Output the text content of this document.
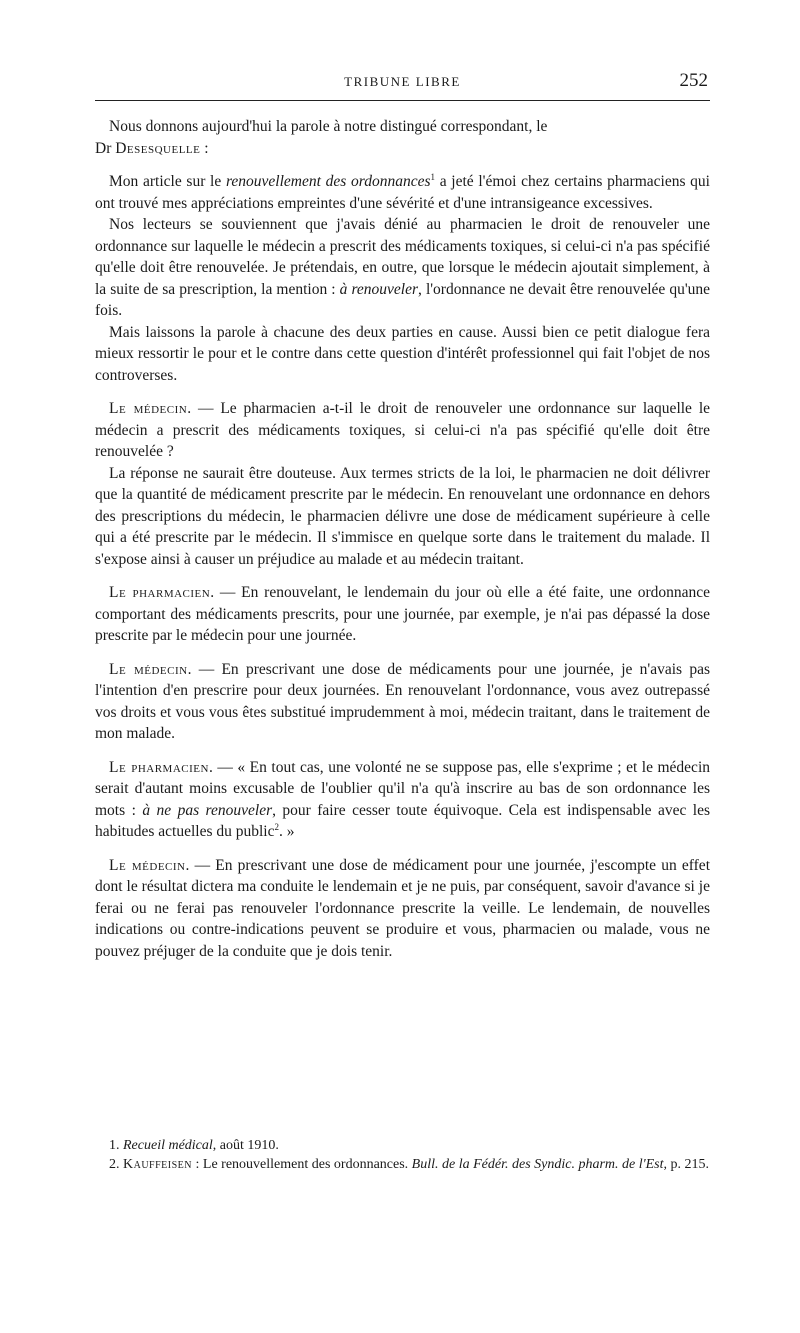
TRIBUNE LIBRE	252

Nous donnons aujourd'hui la parole à notre distingué correspondant, le
Dr Desesquelle :

Mon article sur le renouvellement des ordonnances$^1$ a jeté l'émoi chez certains pharmaciens qui ont trouvé mes appréciations empreintes d'une sévérité et d'une intransigeance excessives.

Nos lecteurs se souviennent que j'avais dénié au pharmacien le droit de renouveler une ordonnance sur laquelle le médecin a prescrit des médicaments toxiques, si celui-ci n'a pas spécifié qu'elle doit être renouvelée. Je prétendais, en outre, que lorsque le médecin ajoutait simplement, à la suite de sa prescription, la mention : à renouveler, l'ordonnance ne devait être renouvelée qu'une fois.

Mais laissons la parole à chacune des deux parties en cause. Aussi bien ce petit dialogue fera mieux ressortir le pour et le contre dans cette question d'intérêt professionnel qui fait l'objet de nos controverses.

Le médecin. — Le pharmacien a-t-il le droit de renouveler une ordonnance sur laquelle le médecin a prescrit des médicaments toxiques, si celui-ci n'a pas spécifié qu'elle doit être renouvelée ?

La réponse ne saurait être douteuse. Aux termes stricts de la loi, le pharmacien ne doit délivrer que la quantité de médicament prescrite par le médecin. En renouvelant une ordonnance en dehors des prescriptions du médecin, le pharmacien délivre une dose de médicament supérieure à celle qui a été prescrite par le médecin. Il s'immisce en quelque sorte dans le traitement du malade. Il s'expose ainsi à causer un préjudice au malade et au médecin traitant.

Le pharmacien. — En renouvelant, le lendemain du jour où elle a été faite, une ordonnance comportant des médicaments prescrits, pour une journée, par exemple, je n'ai pas dépassé la dose prescrite par le médecin pour une journée.

Le médecin. — En prescrivant une dose de médicaments pour une journée, je n'avais pas l'intention d'en prescrire pour deux journées. En renouvelant l'ordonnance, vous avez outrepassé vos droits et vous vous êtes substitué imprudemment à moi, médecin traitant, dans le traitement de mon malade.

Le pharmacien. — « En tout cas, une volonté ne se suppose pas, elle s'exprime ; et le médecin serait d'autant moins excusable de l'oublier qu'il n'a qu'à inscrire au bas de son ordonnance les mots : à ne pas renouveler, pour faire cesser toute équivoque. Cela est indispensable avec les habitudes actuelles du public$^2$. »

Le médecin. — En prescrivant une dose de médicament pour une journée, j'escompte un effet dont le résultat dictera ma conduite le lendemain et je ne puis, par conséquent, savoir d'avance si je ferai ou ne ferai pas renouveler l'ordonnance prescrite la veille. Le lendemain, de nouvelles indications ou contre-indications peuvent se produire et vous, pharmacien ou malade, vous ne pouvez préjuger de la conduite que je dois tenir.

1. Recueil médical, août 1910.

2. Kauffeisen : Le renouvellement des ordonnances. Bull. de la Fédér. des Syndic. pharm. de l'Est, p. 215.
